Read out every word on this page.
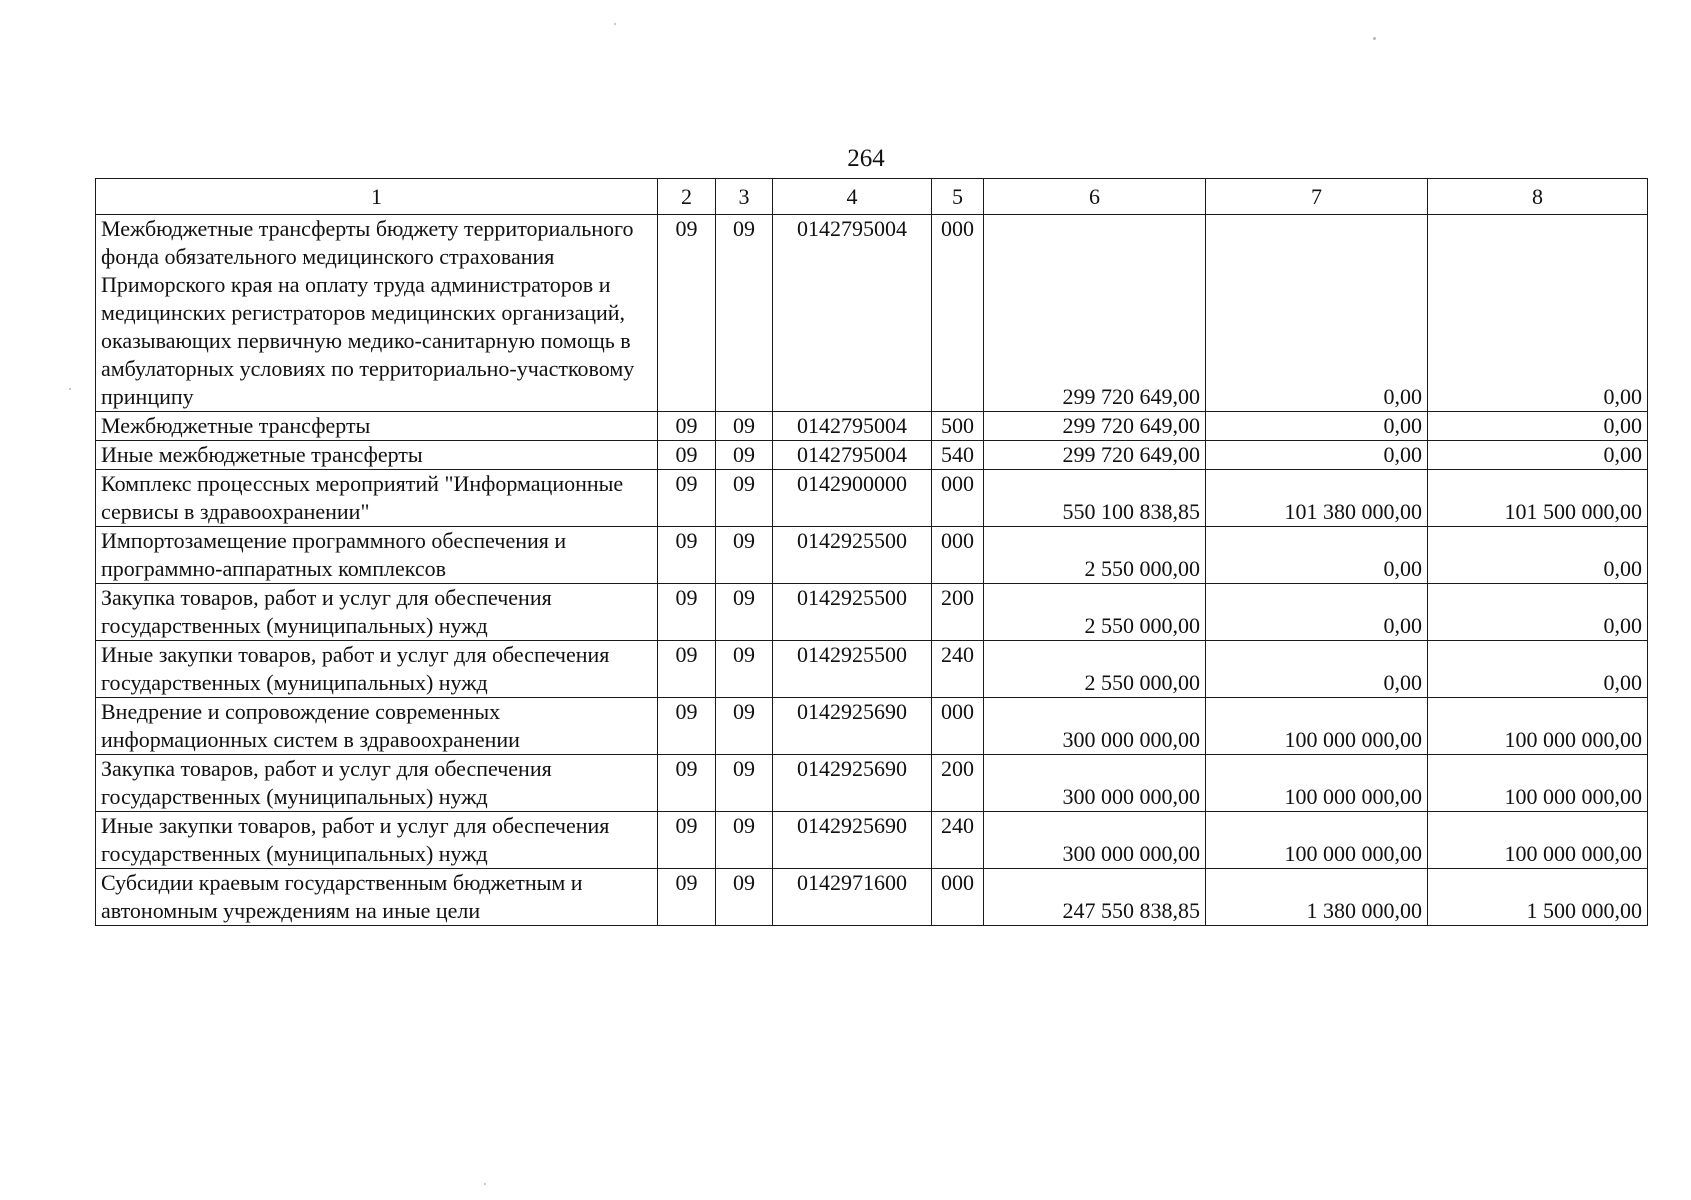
264
1	2	3	4	5	6	7	8
Межбюджетные трансферты бюджету территориального фонда обязательного медицинского страхования Приморского края на оплату труда администраторов и медицинских регистраторов медицинских организаций, оказывающих первичную медико-санитарную помощь в амбулаторных условиях по территориально-участковому принципу	09	09	0142795004	000	299 720 649,00	0,00	0,00
Межбюджетные трансферты	09	09	0142795004	500	299 720 649,00	0,00	0,00
Иные межбюджетные трансферты	09	09	0142795004	540	299 720 649,00	0,00	0,00
Комплекс процессных мероприятий "Информационные сервисы в здравоохранении"	09	09	0142900000	000	550 100 838,85	101 380 000,00	101 500 000,00
Импортозамещение программного обеспечения и программно-аппаратных комплексов	09	09	0142925500	000	2 550 000,00	0,00	0,00
Закупка товаров, работ и услуг для обеспечения государственных (муниципальных) нужд	09	09	0142925500	200	2 550 000,00	0,00	0,00
Иные закупки товаров, работ и услуг для обеспечения государственных (муниципальных) нужд	09	09	0142925500	240	2 550 000,00	0,00	0,00
Внедрение и сопровождение современных информационных систем в здравоохранении	09	09	0142925690	000	300 000 000,00	100 000 000,00	100 000 000,00
Закупка товаров, работ и услуг для обеспечения государственных (муниципальных) нужд	09	09	0142925690	200	300 000 000,00	100 000 000,00	100 000 000,00
Иные закупки товаров, работ и услуг для обеспечения государственных (муниципальных) нужд	09	09	0142925690	240	300 000 000,00	100 000 000,00	100 000 000,00
Субсидии краевым государственным бюджетным и автономным учреждениям на иные цели	09	09	0142971600	000	247 550 838,85	1 380 000,00	1 500 000,00
